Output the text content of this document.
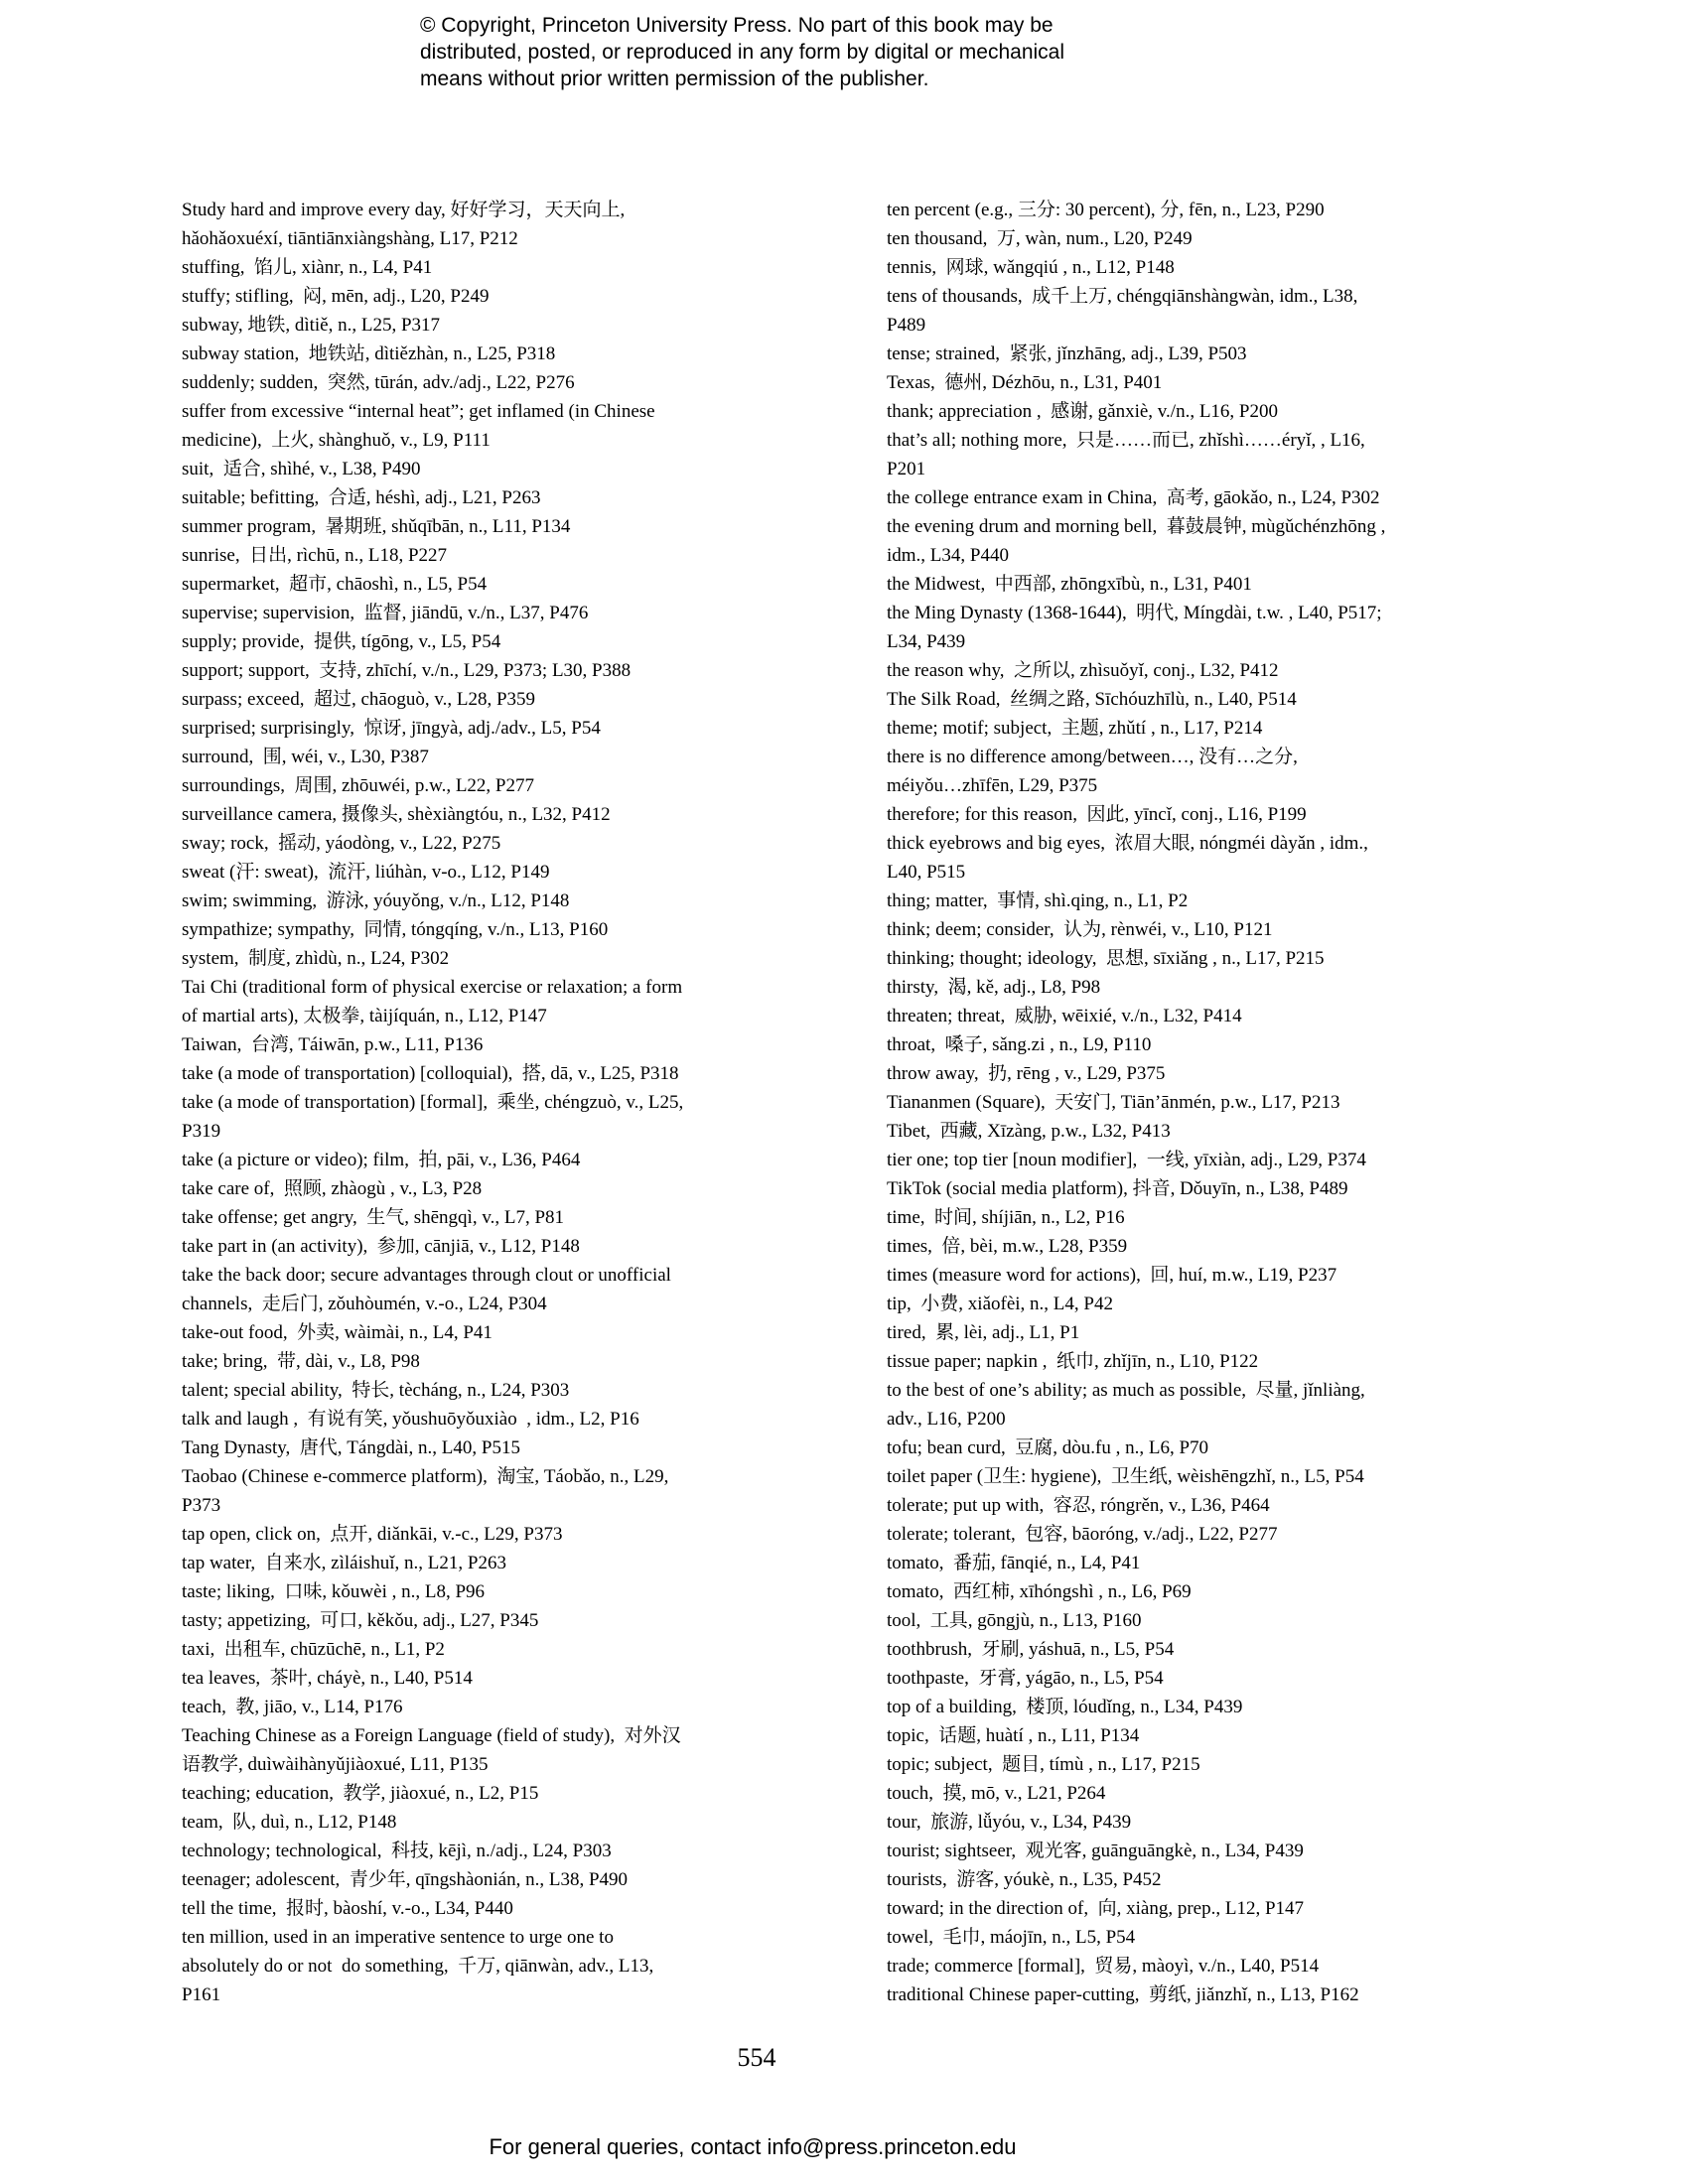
© Copyright, Princeton University Press. No part of this book may be
distributed, posted, or reproduced in any form by digital or mechanical
means without prior written permission of the publisher.
Study hard and improve every day, 好好学习，天天向上,
hǎohǎoxuéxí, tiāntiānxiàngshàng, L17, P212
stuffing,  馅儿, xiànr, n., L4, P41
stuffy; stifling,  闷, mēn, adj., L20, P249
subway, 地铁, dìtiě, n., L25, P317
subway station,  地铁站, dìtiězhàn, n., L25, P318
suddenly; sudden,  突然, tūrán, adv./adj., L22, P276
suffer from excessive “internal heat”; get inflamed (in Chinese
medicine),  上火, shànghuǒ, v., L9, P111
suit,  适合, shìhé, v., L38, P490
suitable; befitting,  合适, héshì, adj., L21, P263
summer program,  暑期班, shǔqībān, n., L11, P134
sunrise,  日出, rìchū, n., L18, P227
supermarket,  超市, chāoshì, n., L5, P54
supervise; supervision,  监督, jiāndū, v./n., L37, P476
supply; provide,  提供, tígōng, v., L5, P54
support; support,  支持, zhīchí, v./n., L29, P373; L30, P388
surpass; exceed,  超过, chāoguò, v., L28, P359
surprised; surprisingly,  惊讶, jīngyà, adj./adv., L5, P54
surround,  围, wéi, v., L30, P387
surroundings,  周围, zhōuwéi, p.w., L22, P277
surveillance camera, 摄像头, shèxiàngtóu, n., L32, P412
sway; rock,  摇动, yáodòng, v., L22, P275
sweat (汗: sweat),  流汗, liúhàn, v-o., L12, P149
swim; swimming,  游泳, yóuyǒng, v./n., L12, P148
sympathize; sympathy,  同情, tóngqíng, v./n., L13, P160
system,  制度, zhìdù, n., L24, P302
Tai Chi (traditional form of physical exercise or relaxation; a form
of martial arts), 太极拳, tàijíquán, n., L12, P147
Taiwan,  台湾, Táiwān, p.w., L11, P136
take (a mode of transportation) [colloquial),  搭, dā, v., L25, P318
take (a mode of transportation) [formal],  乘坐, chéngzuò, v., L25,
P319
take (a picture or video); film,  拍, pāi, v., L36, P464
take care of,  照顾, zhàogù , v., L3, P28
take offense; get angry,  生气, shēngqì, v., L7, P81
take part in (an activity),  参加, cānjiā, v., L12, P148
take the back door; secure advantages through clout or unofficial
channels,  走后门, zǒuhòumén, v.-o., L24, P304
take-out food,  外卖, wàimài, n., L4, P41
take; bring,  带, dài, v., L8, P98
talent; special ability,  特长, tècháng, n., L24, P303
talk and laugh ,  有说有笑, yǒushuōyǒuxiào  , idm., L2, P16
Tang Dynasty,  唐代, Tángdài, n., L40, P515
Taobao (Chinese e-commerce platform),  淘宝, Táobǎo, n., L29,
P373
tap open, click on,  点开, diǎnkāi, v.-c., L29, P373
tap water,  自来水, zìláishuǐ, n., L21, P263
taste; liking,  口味, kǒuwèi , n., L8, P96
tasty; appetizing,  可口, kěkǒu, adj., L27, P345
taxi,  出租车, chūzūchē, n., L1, P2
tea leaves,  茶叶, cháyè, n., L40, P514
teach,  教, jiāo, v., L14, P176
Teaching Chinese as a Foreign Language (field of study),  对外汉
语教学, duìwàihànyǔjiàoxué, L11, P135
teaching; education,  教学, jiàoxué, n., L2, P15
team,  队, duì, n., L12, P148
technology; technological,  科技, kējì, n./adj., L24, P303
teenager; adolescent,  青少年, qīngshàonián, n., L38, P490
tell the time,  报时, bàoshí, v.-o., L34, P440
ten million, used in an imperative sentence to urge one to
absolutely do or not  do something,  千万, qiānwàn, adv., L13,
P161
ten percent (e.g., 三分: 30 percent), 分, fēn, n., L23, P290
ten thousand,  万, wàn, num., L20, P249
tennis,  网球, wǎngqiú , n., L12, P148
tens of thousands,  成千上万, chéngqiānshàngwàn, idm., L38,
P489
tense; strained,  紧张, jǐnzhāng, adj., L39, P503
Texas,  德州, Dézhōu, n., L31, P401
thank; appreciation ,  感谢, gǎnxiè, v./n., L16, P200
that’s all; nothing more,  只是……而已, zhǐshì……éryǐ, , L16,
P201
the college entrance exam in China,  高考, gāokǎo, n., L24, P302
the evening drum and morning bell,  暮鼓晨钟, mùgǔchénzhōng ,
idm., L34, P440
the Midwest,  中西部, zhōngxībù, n., L31, P401
the Ming Dynasty (1368-1644),  明代, Míngdài, t.w. , L40, P517;
L34, P439
the reason why,  之所以, zhìsuǒyǐ, conj., L32, P412
The Silk Road,  丝绸之路, Sīchóuzhīlù, n., L40, P514
theme; motif; subject,  主题, zhǔtí , n., L17, P214
there is no difference among/between…, 没有…之分,
méiyǒu…zhīfēn, L29, P375
therefore; for this reason,  因此, yīncǐ, conj., L16, P199
thick eyebrows and big eyes,  浓眉大眼, nóngméi dàyǎn , idm.,
L40, P515
thing; matter,  事情, shì.qing, n., L1, P2
think; deem; consider,  认为, rènwéi, v., L10, P121
thinking; thought; ideology,  思想, sīxiǎng , n., L17, P215
thirsty,  渴, kě, adj., L8, P98
threaten; threat,  威胁, wēixié, v./n., L32, P414
throat,  嗓子, sǎng.zi , n., L9, P110
throw away,  扔, rēng , v., L29, P375
Tiananmen (Square),  天安门, Tiān’ānmén, p.w., L17, P213
Tibet,  西藏, Xīzàng, p.w., L32, P413
tier one; top tier [noun modifier],  一线, yīxiàn, adj., L29, P374
TikTok (social media platform), 抖音, Dǒuyīn, n., L38, P489
time,  时间, shíjiān, n., L2, P16
times,  倍, bèi, m.w., L28, P359
times (measure word for actions),  回, huí, m.w., L19, P237
tip,  小费, xiǎofèi, n., L4, P42
tired,  累, lèi, adj., L1, P1
tissue paper; napkin ,  纸巾, zhǐjīn, n., L10, P122
to the best of one’s ability; as much as possible,  尽量, jǐnliàng,
adv., L16, P200
tofu; bean curd,  豆腐, dòu.fu , n., L6, P70
toilet paper (卫生: hygiene),  卫生纸, wèishēngzhǐ, n., L5, P54
tolerate; put up with,  容忍, róngrěn, v., L36, P464
tolerate; tolerant,  包容, bāoróng, v./adj., L22, P277
tomato,  番茄, fānqié, n., L4, P41
tomato,  西红柿, xīhóngshì , n., L6, P69
tool,  工具, gōngjù, n., L13, P160
toothbrush,  牙刷, yáshuā, n., L5, P54
toothpaste,  牙膏, yágāo, n., L5, P54
top of a building,  楼顶, lóudǐng, n., L34, P439
topic,  话题, huàtí , n., L11, P134
topic; subject,  题目, tímù , n., L17, P215
touch,  摸, mō, v., L21, P264
tour,  旅游, lǚyóu, v., L34, P439
tourist; sightseer,  观光客, guānguāngkè, n., L34, P439
tourists,  游客, yóukè, n., L35, P452
toward; in the direction of,  向, xiàng, prep., L12, P147
towel,  毛巾, máojīn, n., L5, P54
trade; commerce [formal],  贸易, màoyì, v./n., L40, P514
traditional Chinese paper-cutting,  剪纸, jiǎnzhǐ, n., L13, P162
554
For general queries, contact info@press.princeton.edu
